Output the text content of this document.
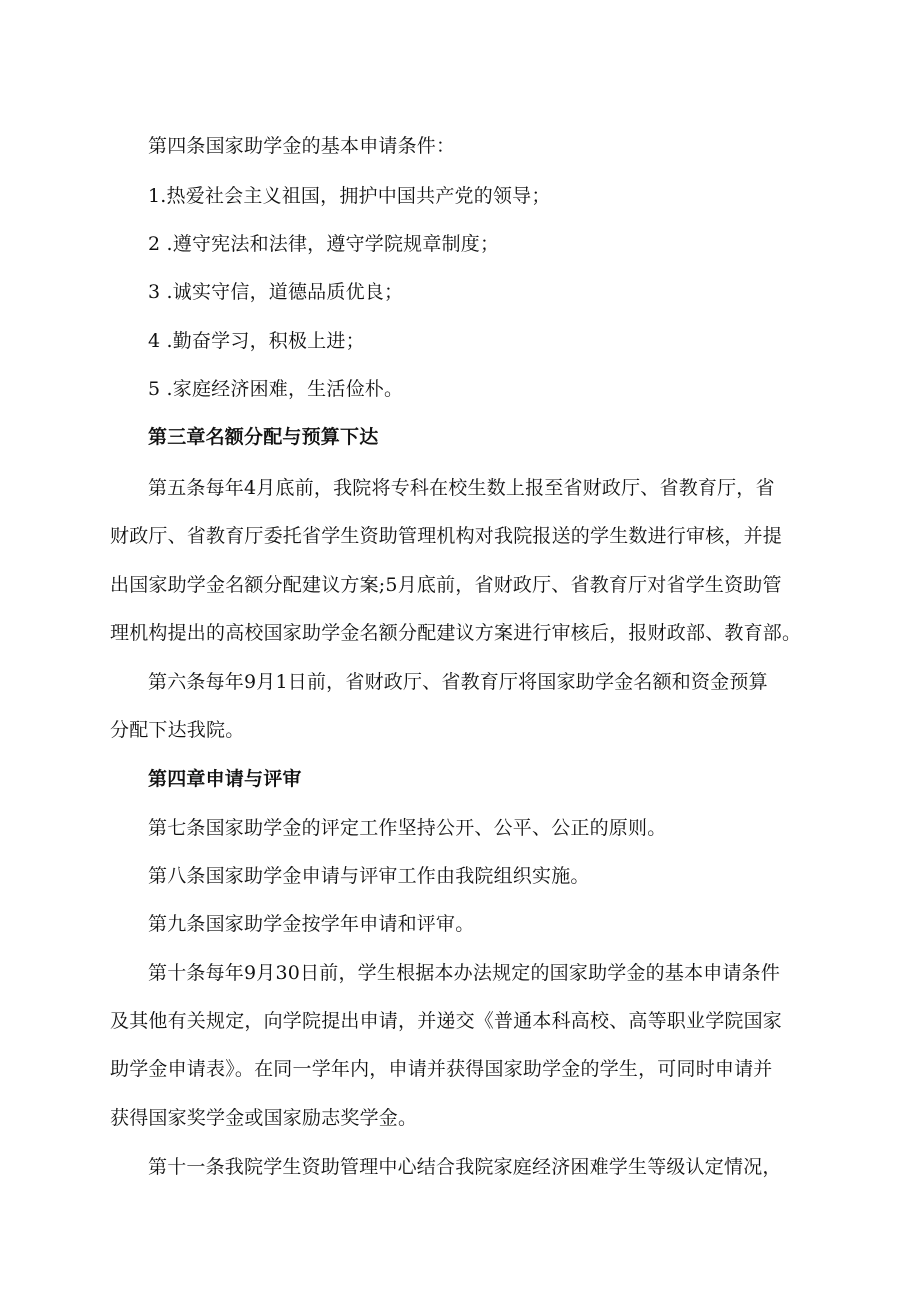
第四条国家助学金的基本申请条件：
1.热爱社会主义祖国，拥护中国共产党的领导；
2 .遵守宪法和法律，遵守学院规章制度；
3 .诚实守信，道德品质优良；
4 .勤奋学习，积极上进；
5 .家庭经济困难，生活俭朴。
第三章名额分配与预算下达
第五条每年4月底前，我院将专科在校生数上报至省财政厅、省教育厅，省
财政厅、省教育厅委托省学生资助管理机构对我院报送的学生数进行审核，并提
出国家助学金名额分配建议方案;5月底前，省财政厅、省教育厅对省学生资助管
理机构提出的高校国家助学金名额分配建议方案进行审核后，报财政部、教育部。
第六条每年9月1日前，省财政厅、省教育厅将国家助学金名额和资金预算
分配下达我院。
第四章申请与评审
第七条国家助学金的评定工作坚持公开、公平、公正的原则。
第八条国家助学金申请与评审工作由我院组织实施。
第九条国家助学金按学年申请和评审。
第十条每年9月30日前，学生根据本办法规定的国家助学金的基本申请条件
及其他有关规定，向学院提出申请，并递交《普通本科高校、高等职业学院国家
助学金申请表》。在同一学年内，申请并获得国家助学金的学生，可同时申请并
获得国家奖学金或国家励志奖学金。
第十一条我院学生资助管理中心结合我院家庭经济困难学生等级认定情况，
